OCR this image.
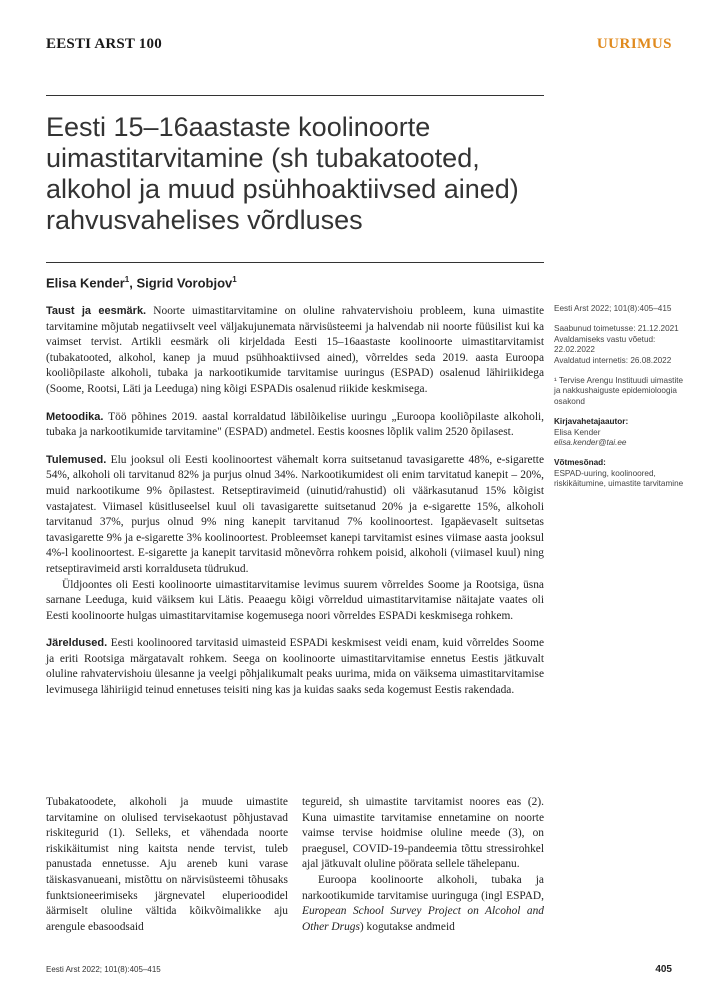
EESTI ARST 100	UURIMUS
Eesti 15–16aastaste koolinoorte uimastitarvitamine (sh tubakatooted, alkohol ja muud psühhoaktiivsed ained) rahvusvahelises võrdluses
Elisa Kender$^1$, Sigrid Vorobjov$^1$

Taust ja eesmärk. Noorte uimastitarvitamine on oluline rahvatervishoiu probleem, kuna uimastite tarvitamine mõjutab negatiivselt veel väljakujunemata närvisüsteemi ja halvendab nii noorte füüsilist kui ka vaimset tervist. Artikli eesmärk oli kirjeldada Eesti 15–16aastaste koolinoorte uimastitarvitamist (tubakatooted, alkohol, kanep ja muud psühhoaktiivsed ained), võrreldes seda 2019. aasta Euroopa kooliõpilaste alkoholi, tubaka ja narkootikumide tarvitamise uuringus (ESPAD) osalenud lähiriikidega (Soome, Rootsi, Läti ja Leeduga) ning kõigi ESPADis osalenud riikide keskmisega.

Metoodika. Töö põhines 2019. aastal korraldatud läbilõikelise uuringu „Euroopa kooliõpilaste alkoholi, tubaka ja narkootikumide tarvitamine" (ESPAD) andmetel. Eestis koosnes lõplik valim 2520 õpilasest.

Tulemused. Elu jooksul oli Eesti koolinoortest vähemalt korra suitsetanud tavasigarette 48%, e-sigarette 54%, alkoholi oli tarvitanud 82% ja purjus olnud 34%. Narkootikumidest oli enim tarvitatud kanepit – 20%, muid narkootikume 9% õpilastest. Retseptiravimeid (uinutid/rahustid) oli väärkasutanud 15% kõigist vastajatest. Viimasel küsitluseelsel kuul oli tavasigarette suitsetanud 20% ja e-sigarette 15%, alkoholi tarvitanud 37%, purjus olnud 9% ning kanepit tarvitanud 7% koolinoortest. Igapäevaselt suitsetas tavasigarette 9% ja e-sigarette 3% koolinoortest. Probleemset kanepi tarvitamist esines viimase aasta jooksul 4%-l koolinoortest. E-sigarette ja kanepit tarvitasid mõnevõrra rohkem poisid, alkoholi (viimasel kuul) ning retseptiravimeid arsti korralduseta tüdrukud.

Üldjoontes oli Eesti koolinoorte uimastitarvitamise levimus suurem võrreldes Soome ja Rootsiga, üsna sarnane Leeduga, kuid väiksem kui Lätis. Peaaegu kõigi võrreldud uimastitarvitamise näitajate vaates oli Eesti koolinoorte hulgas uimastitarvitamise kogemusega noori võrreldes ESPADi keskmisega rohkem.

Järeldused. Eesti koolinoored tarvitasid uimasteid ESPADi keskmisest veidi enam, kuid võrreldes Soome ja eriti Rootsiga märgatavalt rohkem. Seega on koolinoorte uimastitarvitamise ennetus Eestis jätkuvalt oluline rahvatervishoiu ülesanne ja veelgi põhjalikumalt peaks uurima, mida on väiksema uimastitarvitamise levimusega lähiriigid teinud ennetuses teisiti ning kas ja kuidas saaks seda kogemust Eestis rakendada.

Eesti Arst 2022; 101(8):405–415
Saabunud toimetusse: 21.12.2021
Avaldamiseks vastu võetud: 22.02.2022
Avaldatud internetis: 26.08.2022
¹ Tervise Arengu Instituudi uimastite ja nakkushaiguste epidemioloogia osakond
Kirjavahetajaautor:
Elisa Kender
elisa.kender@tai.ee
Võtmesõnad:
ESPAD-uuring, koolinoored, riskikäitumine, uimastite tarvitamine

Tubakatoodete, alkoholi ja muude uimastite tarvitamine on olulised tervisekaotust põhjustavad riskitegurid (1). Selleks, et vähendada noorte riskikäitumist ning kaitsta nende tervist, tuleb panustada ennetusse. Aju areneb kuni varase täiskasvanueani, mistõttu on närvisüsteemi tõhusaks funktsioneerimiseks järgnevatel eluperioodidel äärmiselt oluline vältida kõikvõimalikke aju arengule ebasoodsaid

tegureid, sh uimastite tarvitamist noores eas (2). Kuna uimastite tarvitamise ennetamine on noorte vaimse tervise hoidmise oluline meede (3), on praegusel, COVID-19-pandeemia tõttu stressirohkel ajal jätkuvalt oluline pöörata sellele tähelepanu.

Euroopa koolinoorte alkoholi, tubaka ja narkootikumide tarvitamise uuringuga (ingl ESPAD, European School Survey Project on Alcohol and Other Drugs) kogutakse andmeid

Eesti Arst 2022; 101(8):405–415	405
